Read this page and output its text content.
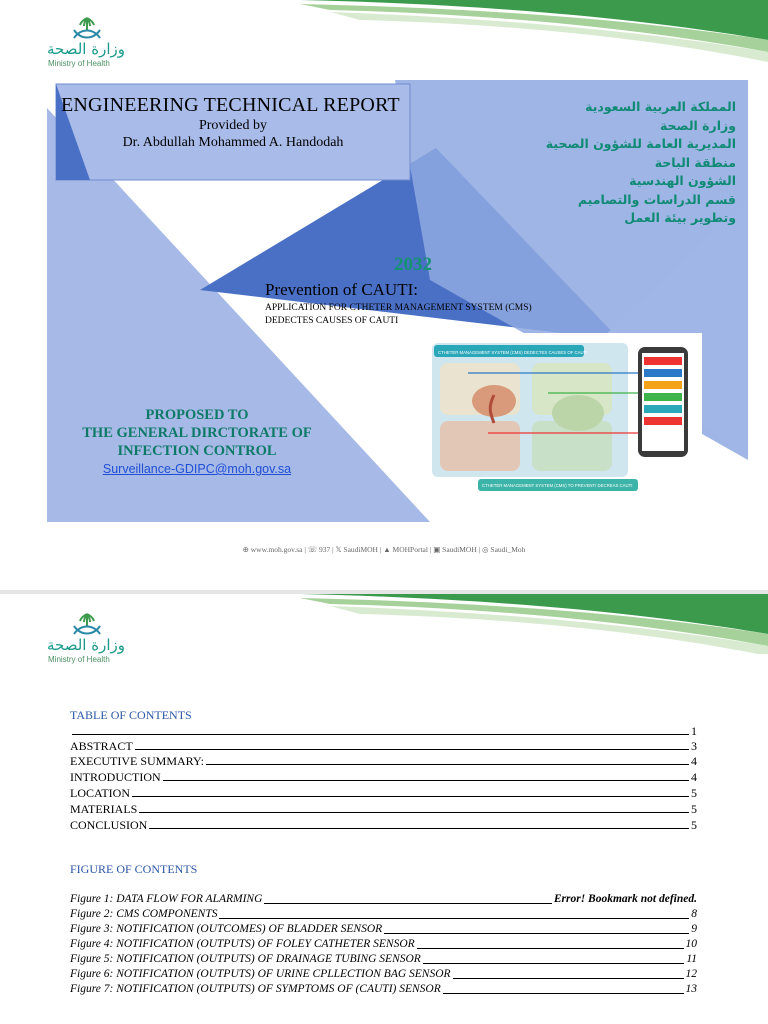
وزارة الصحة
Ministry of Health
ENGINEERING TECHNICAL REPORT
Provided by
Dr. Abdullah Mohammed A. Handodah
المملكة العربية السعودية
وزارة الصحة
المديرية العامة للشؤون الصحية
منطقة الباحة
الشؤون الهندسية
قسم الدراسات والتصاميم
وتطوير بيئة العمل
2032
Prevention of CAUTI:
APPLICATION FOR CTHETER MANAGEMENT SYSTEM (CMS)
DEDECTES CAUSES OF CAUTI
PROPOSED TO
THE GENERAL DIRCTORATE OF
INFECTION CONTROL
Surveillance-GDIPC@moh.gov.sa
CTHETER MANAGEMENT SYSTEM (CMS) DEDECTES CAUSES OF CAUTI
CTHETER MANAGEMENT SYSTEM (CMS) TO PREVENT/ DECREAS CAUTI
⊕ www.moh.gov.sa | ☏ 937 | 𝕏 SaudiMOH | ▲ MOHPortal | ▣ SaudiMOH | ◎ Saudi_Moh
وزارة الصحة
Ministry of Health
TABLE OF CONTENTS
1
ABSTRACT	3
EXECUTIVE SUMMARY:	4
INTRODUCTION	4
LOCATION	5
MATERIALS	5
CONCLUSION	5
FIGURE OF CONTENTS
Figure 1: DATA FLOW FOR ALARMING	Error! Bookmark not defined.
Figure 2: CMS COMPONENTS	8
Figure 3: NOTIFICATION (OUTCOMES) OF BLADDER SENSOR	9
Figure 4: NOTIFICATION (OUTPUTS) OF FOLEY CATHETER SENSOR	10
Figure 5: NOTIFICATION (OUTPUTS) OF DRAINAGE TUBING SENSOR	11
Figure 6: NOTIFICATION (OUTPUTS) OF URINE CPLLECTION BAG SENSOR	12
Figure 7: NOTIFICATION (OUTPUTS) OF SYMPTOMS OF (CAUTI) SENSOR	13
